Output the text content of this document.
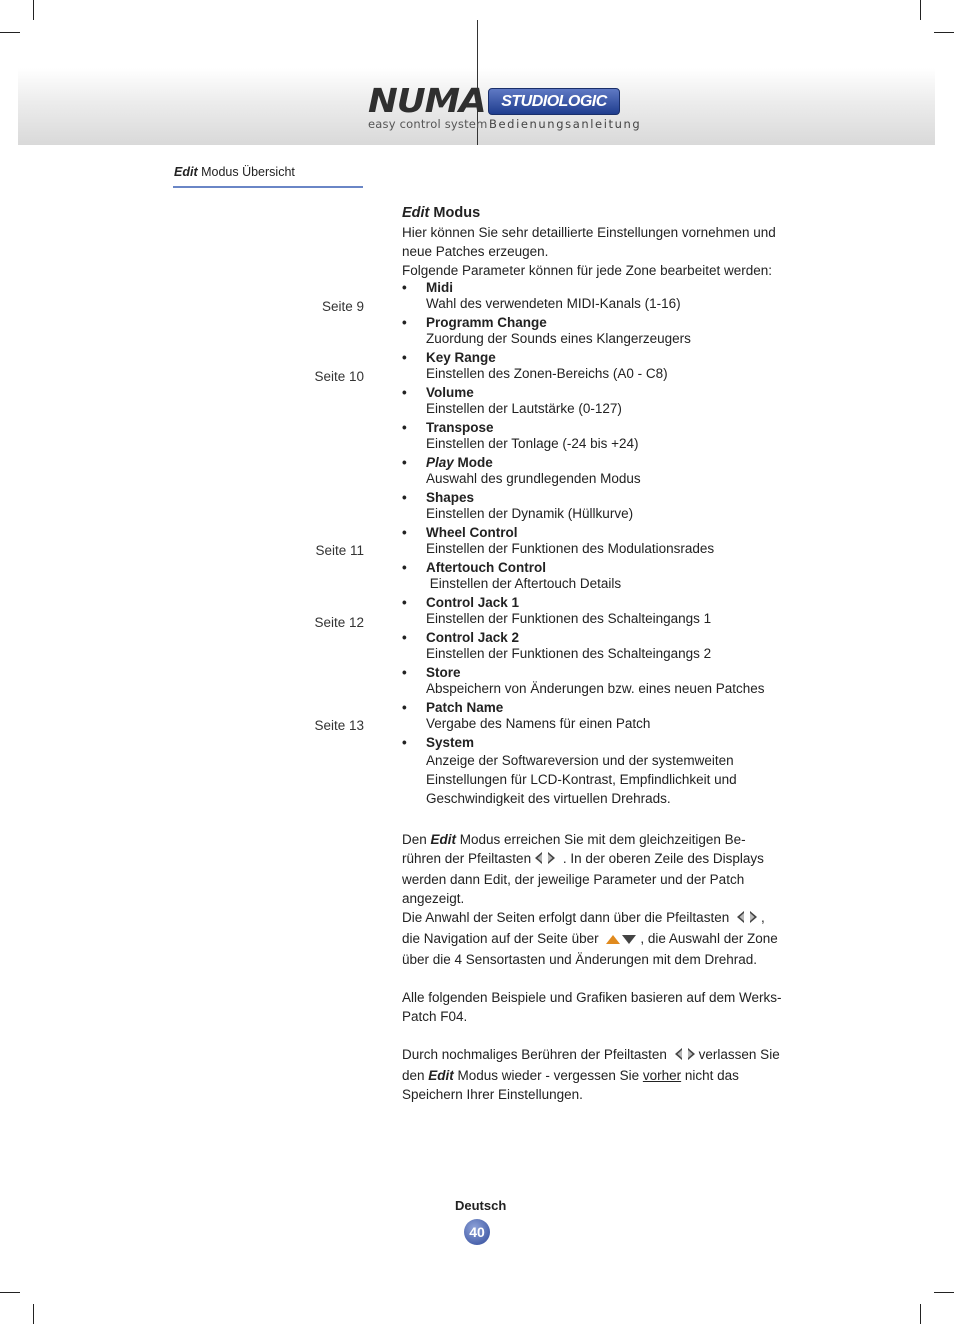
NUMA
easy control system
STUDIOLOGIC
Bedienungsanleitung
Edit Modus Übersicht
Seite 9
Seite 10
Seite 11
Seite 12
Seite 13
Edit Modus

Hier können Sie sehr detaillierte Einstellungen vornehmen und neue Patches erzeugen.

Folgende Parameter können für jede Zone bearbeitet werden:

• Midi
Wahl des verwendeten MIDI-Kanals (1-16)
• Programm Change
Zuordung der Sounds eines Klangerzeugers
• Key Range
Einstellen des Zonen-Bereichs (A0 - C8)
• Volume
Einstellen der Lautstärke (0-127)
• Transpose
Einstellen der Tonlage (-24 bis +24)
• Play Mode
Auswahl des grundlegenden Modus
• Shapes
Einstellen der Dynamik (Hüllkurve)
• Wheel Control
Einstellen der Funktionen des Modulationsrades
• Aftertouch Control
Einstellen der Aftertouch Details
• Control Jack 1
Einstellen der Funktionen des Schalteingangs 1
• Control Jack 2
Einstellen der Funktionen des Schalteingangs 2
• Store
Abspeichern von Änderungen bzw. eines neuen Patches
• Patch Name
Vergabe des Namens für einen Patch
• System
Anzeige der Softwareversion und der systemweiten Einstellungen für LCD-Kontrast, Empfindlichkeit und Geschwindigkeit des virtuellen Drehrads.

Den Edit Modus erreichen Sie mit dem gleichzeitigen Be-rühren der Pfeiltasten . In der oberen Zeile des Displays werden dann Edit, der jeweilige Parameter und der Patch angezeigt.

Die Anwahl der Seiten erfolgt dann über die Pfeiltasten , die Navigation auf der Seite über	, die Auswahl der Zone über die 4 Sensortasten und Änderungen mit dem Drehrad.

Alle folgenden Beispiele und Grafiken basieren auf dem Werks-Patch F04.

Durch nochmaliges Berühren der Pfeiltasten verlassen Sie den Edit Modus wieder - vergessen Sie vorher nicht das Speichern Ihrer Einstellungen.

Deutsch
40
